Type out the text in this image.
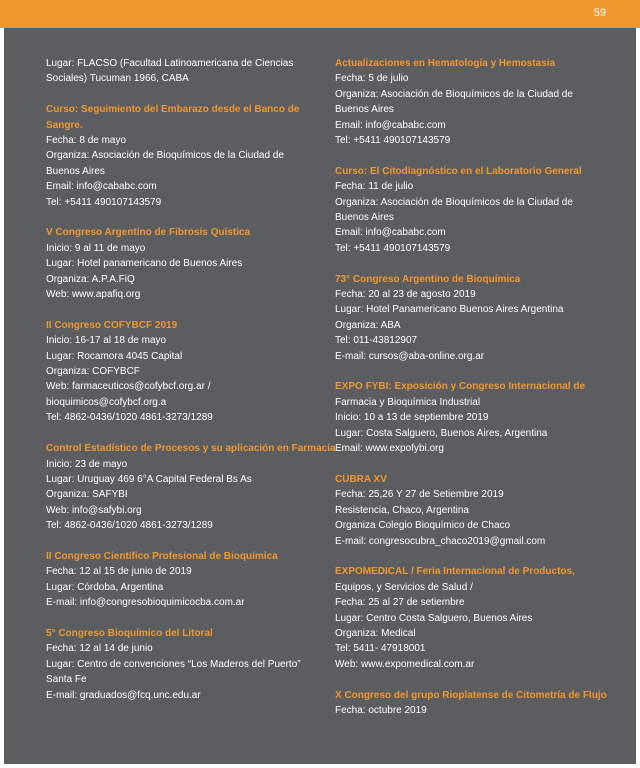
59
Lugar: FLACSO (Facultad Latinoamericana de Ciencias
Sociales) Tucuman 1966, CABA
Curso: Seguimiento del Embarazo desde el Banco de
Sangre.
Fecha: 8 de mayo
Organiza: Asociación de Bioquímicos de la Ciudad de
Buenos Aires
Email: info@cababc.com
Tel: +5411 490107143579
V Congreso Argentino de Fibrosis Quística
Inicio: 9 al 11 de mayo
Lugar: Hotel panamericano de Buenos Aires
Organiza: A.P.A.FiQ
Web: www.apafiq.org
II Congreso COFYBCF 2019
Inicio: 16-17 al 18 de mayo
Lugar: Rocamora 4045 Capital
Organiza: COFYBCF
Web: farmaceuticos@cofybcf.org.ar /
bioquimicos@cofybcf.org.a
Tel: 4862-0436/1020 4861-3273/1289
Control Estadístico de Procesos y su aplicación en Farmacia
Inicio: 23 de mayo
Lugar: Uruguay 469 6°A Capital Federal Bs As
Organiza: SAFYBI
Web: info@safybi.org
Tel: 4862-0436/1020 4861-3273/1289
II Congreso Científico Profesional de Bioquímica
Fecha: 12 al 15 de junio de 2019
Lugar: Córdoba, Argentina
E-mail: info@congresobioquimicocba.com.ar
5° Congreso Bioquímico del Litoral
Fecha: 12 al 14 de junio
Lugar: Centro de convenciones “Los Maderos del Puerto”
Santa Fe
E-mail: graduados@fcq.unc.edu.ar
Actualizaciones en Hematología y Hemostasia
Fecha: 5 de julio
Organiza: Asociación de Bioquímicos de la Ciudad de
Buenos Aires
Email: info@cababc.com
Tel: +5411 490107143579
Curso: El Citodiagnóstico en el Laboratorio General
Fecha: 11 de julio
Organiza: Asociación de Bioquímicos de la Ciudad de
Buenos Aires
Email: info@cababc.com
Tel: +5411 490107143579
73° Congreso Argentino de Bioquímica
Fecha: 20 al 23 de agosto 2019
Lugar: Hotel Panamericano Buenos Aires Argentina
Organiza: ABA
Tel: 011-43812907
E-mail: cursos@aba-online.org.ar
EXPO FYBI: Exposición y Congreso Internacional de
Farmacia y Bioquímica Industrial
Inicio: 10 a 13 de septiembre 2019
Lugar: Costa Salguero, Buenos Aires, Argentina
Email: www.expofybi.org
CUBRA XV
Fecha: 25,26 Y 27 de Setiembre 2019
Resistencia, Chaco, Argentina
Organiza Colegio Bioquímico de Chaco
E-mail: congresocubra_chaco2019@gmail.com
EXPOMEDICAL / Feria Internacional de Productos,
Equipos, y Servicios de Salud /
Fecha: 25 al 27 de setiembre
Lugar: Centro Costa Salguero, Buenos Aires
Organiza: Medical
Tel: 5411- 47918001
Web: www.expomedical.com.ar
X Congreso del grupo Rioplatense de Citometría de Flujo
Fecha: octubre 2019
